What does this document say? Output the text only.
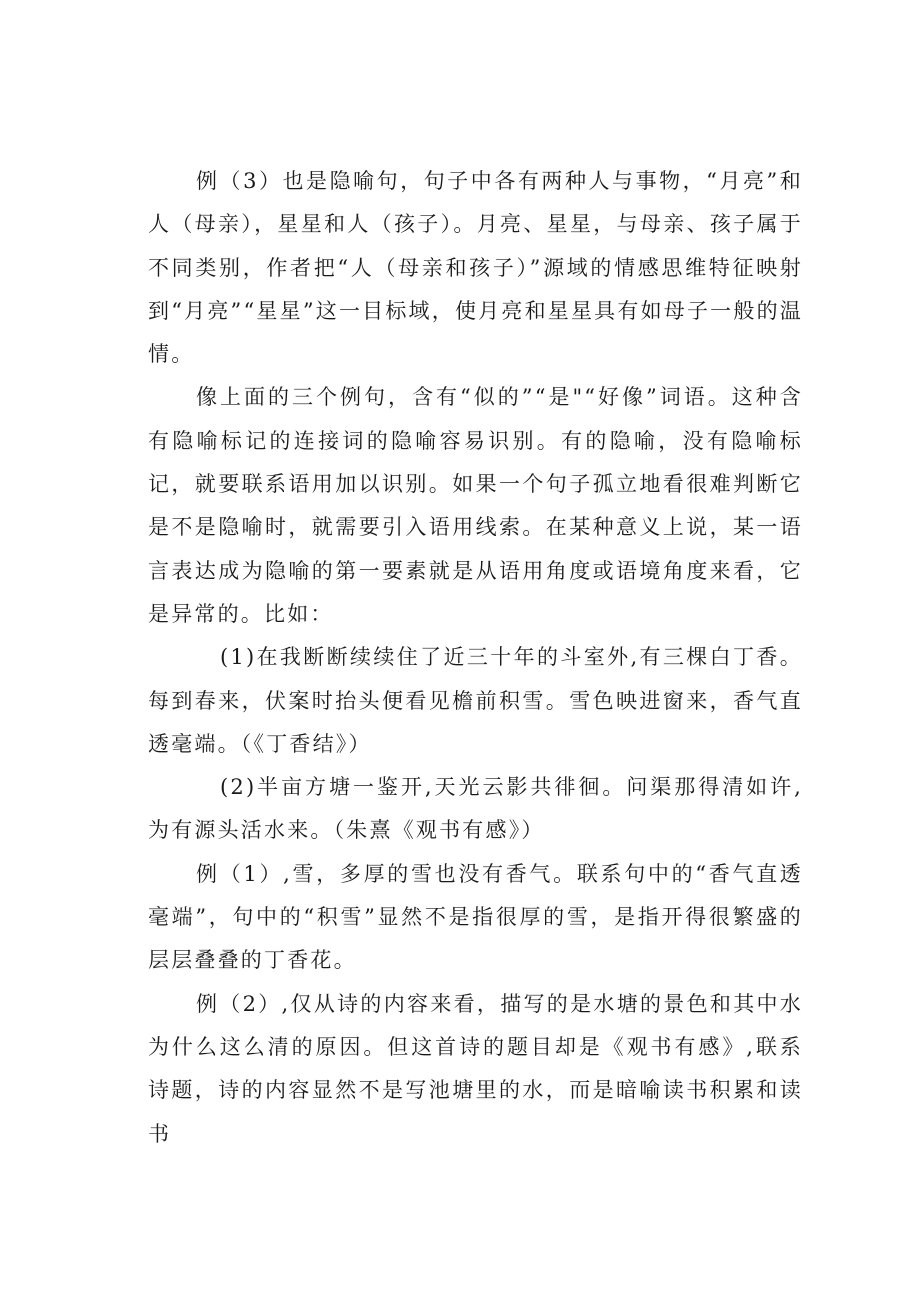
例（3）也是隐喻句，句子中各有两种人与事物，“月亮”和人（母亲），星星和人（孩子）。月亮、星星，与母亲、孩子属于不同类别，作者把“人（母亲和孩子）”源域的情感思维特征映射到“月亮”“星星”这一目标域，使月亮和星星具有如母子一般的温情。

像上面的三个例句，含有“似的”“是"“好像”词语。这种含有隐喻标记的连接词的隐喻容易识别。有的隐喻，没有隐喻标记，就要联系语用加以识别。如果一个句子孤立地看很难判断它是不是隐喻时，就需要引入语用线索。在某种意义上说，某一语言表达成为隐喻的第一要素就是从语用角度或语境角度来看，它是异常的。比如：

(1)在我断断续续住了近三十年的斗室外,有三棵白丁香。每到春来，伏案时抬头便看见檐前积雪。雪色映进窗来，香气直透毫端。（《丁香结》）

(2)半亩方塘一鉴开,天光云影共徘徊。问渠那得清如许,为有源头活水来。（朱熹《观书有感》）

例（1）,雪，多厚的雪也没有香气。联系句中的“香气直透毫端”，句中的“积雪”显然不是指很厚的雪，是指开得很繁盛的层层叠叠的丁香花。

例（2）,仅从诗的内容来看，描写的是水塘的景色和其中水为什么这么清的原因。但这首诗的题目却是《观书有感》,联系诗题，诗的内容显然不是写池塘里的水，而是暗喻读书积累和读书
